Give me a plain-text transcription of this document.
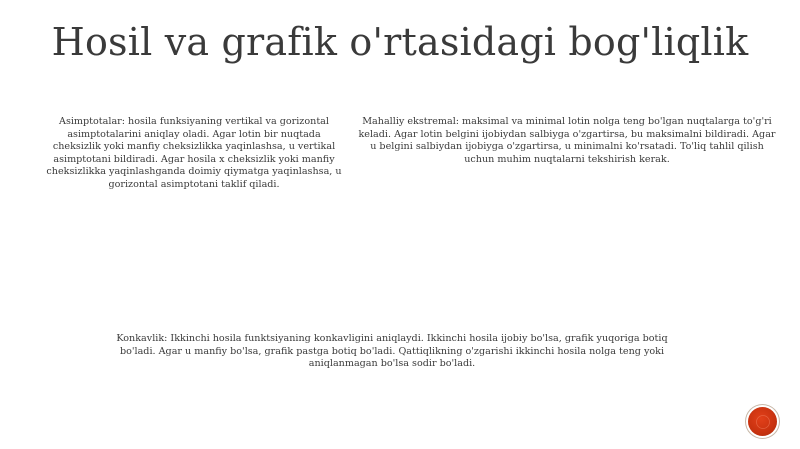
Hosil va grafik o'rtasidagi bog'liqlik
Asimptotalar: hosila funksiyaning vertikal va gorizontal asimptotalarini aniqlay oladi. Agar lotin bir nuqtada cheksizlik yoki manfiy cheksizlikka yaqinlashsa, u vertikal asimptotani bildiradi. Agar hosila x cheksizlik yoki manfiy cheksizlikka yaqinlashganda doimiy qiymatga yaqinlashsa, u gorizontal asimptotani taklif qiladi.
Mahalliy ekstremal: maksimal va minimal lotin nolga teng bo'lgan nuqtalarga to'g'ri keladi. Agar lotin belgini ijobiydan salbiyga o'zgartirsa, bu maksimalni bildiradi. Agar u belgini salbiydan ijobiyga o'zgartirsa, u minimalni ko'rsatadi. To'liq tahlil qilish uchun muhim nuqtalarni tekshirish kerak.
Konkavlik: Ikkinchi hosila funktsiyaning konkavligini aniqlaydi. Ikkinchi hosila ijobiy bo'lsa, grafik yuqoriga botiq bo'ladi. Agar u manfiy bo'lsa, grafik pastga botiq bo'ladi. Qattiqlikning o'zgarishi ikkinchi hosila nolga teng yoki aniqlanmagan bo'lsa sodir bo'ladi.
